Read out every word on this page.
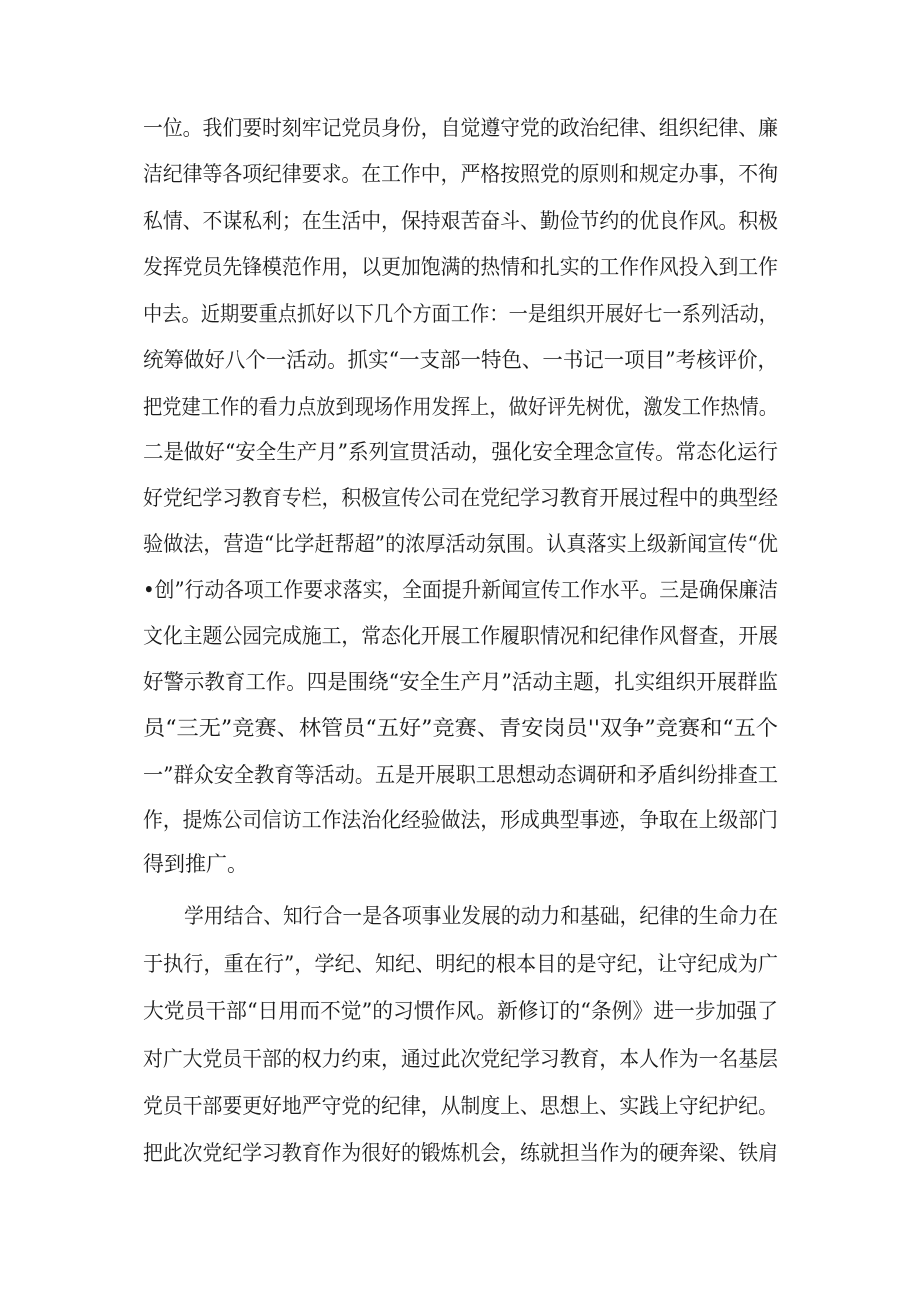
一位。我们要时刻牢记党员身份，自觉遵守党的政治纪律、组织纪律、廉
洁纪律等各项纪律要求。在工作中，严格按照党的原则和规定办事，不徇
私情、不谋私利；在生活中，保持艰苦奋斗、勤俭节约的优良作风。积极
发挥党员先锋模范作用，以更加饱满的热情和扎实的工作作风投入到工作
中去。近期要重点抓好以下几个方面工作：一是组织开展好七一系列活动，
统筹做好八个一活动。抓实“一支部一特色、一书记一项目”考核评价，
把党建工作的看力点放到现场作用发挥上，做好评先树优，激发工作热情。
二是做好“安全生产月”系列宣贯活动，强化安全理念宣传。常态化运行
好党纪学习教育专栏，积极宣传公司在党纪学习教育开展过程中的典型经
验做法，营造“比学赶帮超”的浓厚活动氛围。认真落实上级新闻宣传“优
•创”行动各项工作要求落实，全面提升新闻宣传工作水平。三是确保廉洁
文化主题公园完成施工，常态化开展工作履职情况和纪律作风督查，开展
好警示教育工作。四是围绕“安全生产月”活动主题，扎实组织开展群监
员“三无”竞赛、林管员“五好”竞赛、青安岗员''双争”竞赛和“五个
一”群众安全教育等活动。五是开展职工思想动态调研和矛盾纠纷排查工
作，提炼公司信访工作法治化经验做法，形成典型事迹，争取在上级部门
得到推广。
学用结合、知行合一是各项事业发展的动力和基础，纪律的生命力在
于执行，重在行”，学纪、知纪、明纪的根本目的是守纪，让守纪成为广
大党员干部“日用而不觉”的习惯作风。新修订的“条例》进一步加强了
对广大党员干部的权力约束，通过此次党纪学习教育，本人作为一名基层
党员干部要更好地严守党的纪律，从制度上、思想上、实践上守纪护纪。
把此次党纪学习教育作为很好的锻炼机会，练就担当作为的硬奔梁、铁肩
